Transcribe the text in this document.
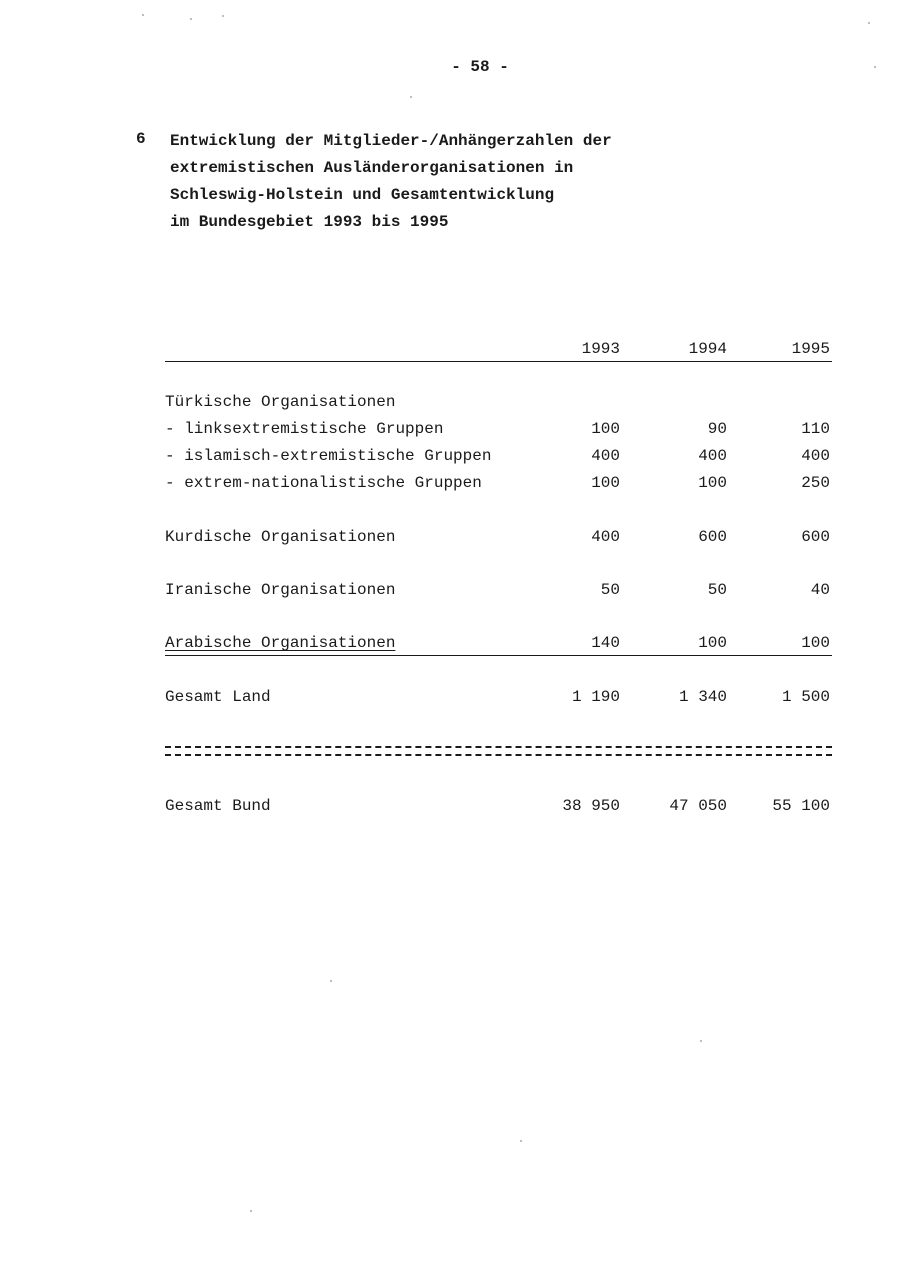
- 58 -
6 Entwicklung der Mitglieder-/Anhängerzahlen der
extremistischen Ausländerorganisationen in
Schleswig-Holstein und Gesamtentwicklung
im Bundesgebiet 1993 bis 1995
1993	1994	1995
Türkische Organisationen
- linksextremistische Gruppen	100	90	110
- islamisch-extremistische Gruppen	400	400	400
- extrem-nationalistische Gruppen	100	100	250
Kurdische Organisationen	400	600	600
Iranische Organisationen	50	50	40
Arabische Organisationen	140	100	100
Gesamt Land	1 190	1 340	1 500
Gesamt Bund	38 950	47 050	55 100
